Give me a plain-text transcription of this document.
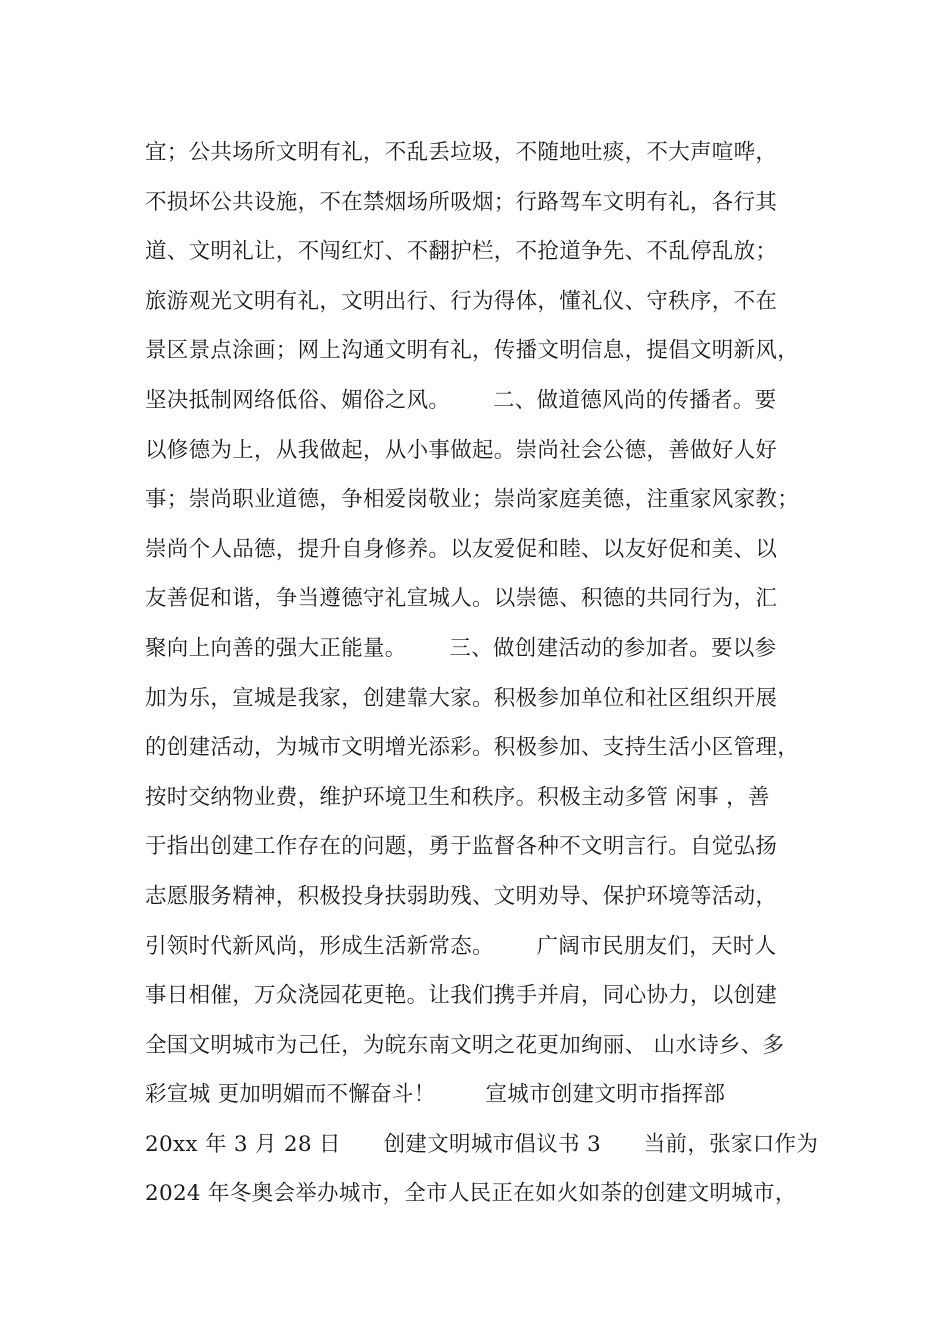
宜；公共场所文明有礼，不乱丢垃圾，不随地吐痰，不大声喧哗，
不损坏公共设施，不在禁烟场所吸烟；行路驾车文明有礼，各行其
道、文明礼让，不闯红灯、不翻护栏，不抢道争先、不乱停乱放；
旅游观光文明有礼，文明出行、行为得体，懂礼仪、守秩序，不在
景区景点涂画；网上沟通文明有礼，传播文明信息，提倡文明新风，
坚决抵制网络低俗、媚俗之风。      二、做道德风尚的传播者。要
以修德为上，从我做起，从小事做起。崇尚社会公德，善做好人好
事；崇尚职业道德，争相爱岗敬业；崇尚家庭美德，注重家风家教；
崇尚个人品德，提升自身修养。以友爱促和睦、以友好促和美、以
友善促和谐，争当遵德守礼宣城人。以崇德、积德的共同行为，汇
聚向上向善的强大正能量。      三、做创建活动的参加者。要以参
加为乐，宣城是我家，创建靠大家。积极参加单位和社区组织开展
的创建活动，为城市文明增光添彩。积极参加、支持生活小区管理，
按时交纳物业费，维护环境卫生和秩序。积极主动多管 闲事 ，善
于指出创建工作存在的问题，勇于监督各种不文明言行。自觉弘扬
志愿服务精神，积极投身扶弱助残、文明劝导、保护环境等活动，
引领时代新风尚，形成生活新常态。      广阔市民朋友们，天时人
事日相催，万众浇园花更艳。让我们携手并肩，同心协力，以创建
全国文明城市为己任，为皖东南文明之花更加绚丽、 山水诗乡、多
彩宣城 更加明媚而不懈奋斗！       宣城市创建文明市指挥部
20xx 年 3 月 28 日      创建文明城市倡议书 3      当前，张家口作为
2024 年冬奥会举办城市，全市人民正在如火如荼的创建文明城市，
